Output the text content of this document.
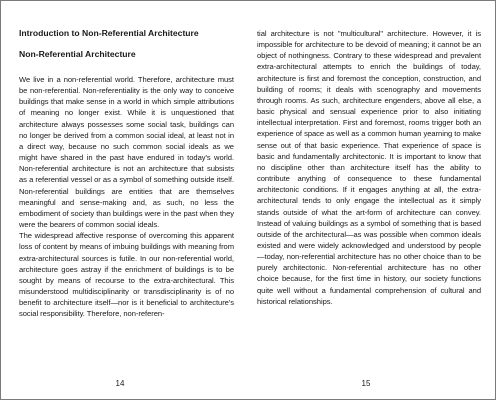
Introduction to Non-Referential Architecture
Non-Referential Architecture

We live in a non-referential world. Therefore, architecture must be non-referential. Non-referentiality is the only way to conceive buildings that make sense in a world in which simple attributions of meaning no longer exist. While it is unquestioned that architecture always possesses some social task, buildings can no longer be derived from a common social ideal, at least not in a direct way, because no such common social ideals as we might have shared in the past have endured in today's world. Non-referential architecture is not an architecture that subsists as a referential vessel or as a symbol of something outside itself. Non-referential buildings are entities that are themselves meaningful and sense-making and, as such, no less the embodiment of society than buildings were in the past when they were the bearers of common social ideals.

The widespread affective response of overcoming this apparent loss of content by means of imbuing buildings with meaning from extra-architectural sources is futile. In our non-referential world, architecture goes astray if the enrichment of buildings is to be sought by means of recourse to the extra-architectural. This misunderstood multidisciplinarity or transdisciplinarity is of no benefit to architecture itself—nor is it beneficial to architecture's social responsibility. Therefore, non-referen-

14

tial architecture is not "multicultural" architecture. However, it is impossible for architecture to be devoid of meaning; it cannot be an object of nothingness. Contrary to these widespread and prevalent extra-architectural attempts to enrich the buildings of today, architecture is first and foremost the conception, construction, and building of rooms; it deals with scenography and movements through rooms. As such, architecture engenders, above all else, a basic physical and sensual experience prior to also initiating intellectual interpretation. First and foremost, rooms trigger both an experience of space as well as a common human yearning to make sense out of that basic experience. That experience of space is basic and fundamentally architectonic. It is important to know that no discipline other than architecture itself has the ability to contribute anything of consequence to these fundamental architectonic conditions. If it engages anything at all, the extra-architectural tends to only engage the intellectual as it simply stands outside of what the art-form of architecture can convey. Instead of valuing buildings as a symbol of something that is based outside of the architectural—as was possible when common ideals existed and were widely acknowledged and understood by people—today, non-referential architecture has no other choice than to be purely architectonic. Non-referential architecture has no other choice because, for the first time in history, our society functions quite well without a fundamental comprehension of cultural and historical relationships.

15
